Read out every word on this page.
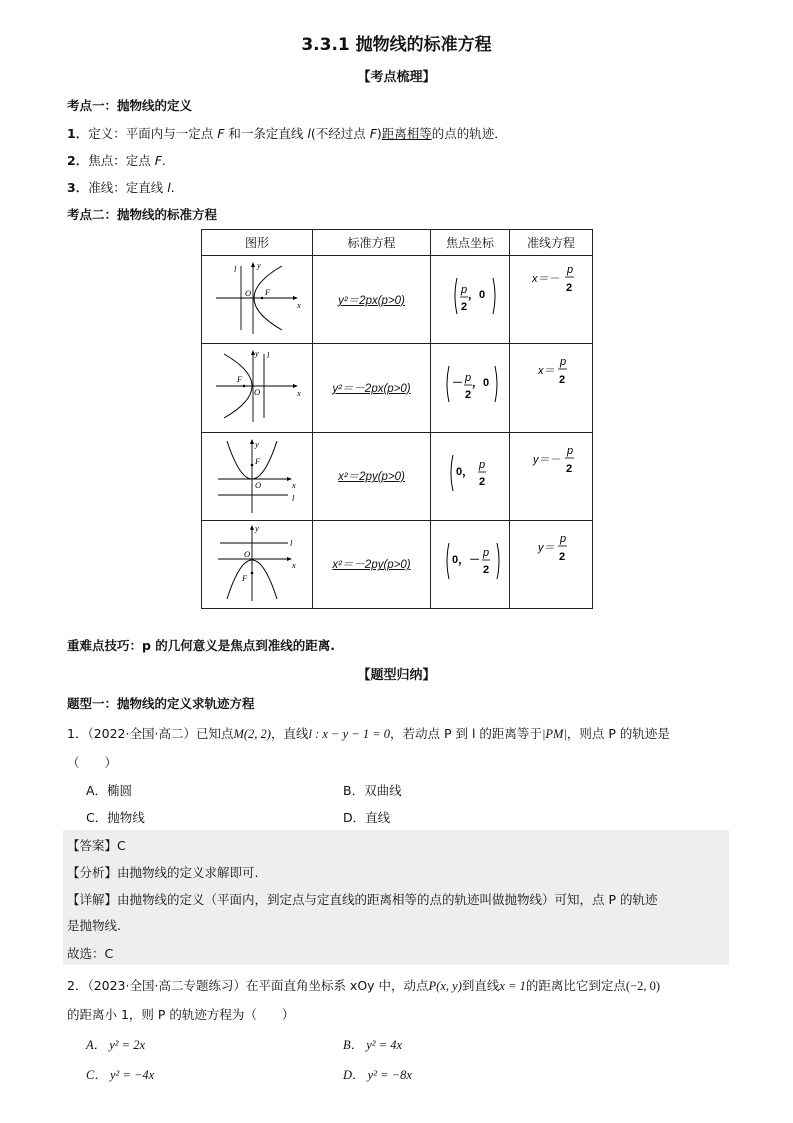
3.3.1 抛物线的标准方程
【考点梳理】
考点一：抛物线的定义
1．定义：平面内与一定点 F 和一条定直线 l(不经过点 F)距离相等的点的轨迹．
2．焦点：定点 F.
3．准线：定直线 l.
考点二：抛物线的标准方程
图形	标准方程	焦点坐标	准线方程

x
y
l
O F	y²＝2px(p>0)	p
2
，0	x＝－
p
2

x
y l
O
F	y²＝－2px(p>0)	－ p
2
，0	x＝
p
2

x
y
l
O
F	x²＝2py(p>0)	0，
p
2	y＝－
p
2

x
y
l
O
F	x²＝－2py(p>0)	0，－
p
2	y＝
p
2
重难点技巧：p 的几何意义是焦点到准线的距离.
【题型归纳】
题型一：抛物线的定义求轨迹方程
1．（2022·全国·高二）已知点M(2, 2)，直线l : x − y − 1 = 0，若动点 P 到 l 的距离等于|PM|，则点 P 的轨迹是
（　　）
A．椭圆	B．双曲线
C．抛物线	D．直线
【答案】C
【分析】由抛物线的定义求解即可.
【详解】由抛物线的定义（平面内，到定点与定直线的距离相等的点的轨迹叫做抛物线）可知，点 P 的轨迹
是抛物线.
故选：C
2．（2023·全国·高二专题练习）在平面直角坐标系 xOy 中，动点P(x, y)到直线x = 1的距离比它到定点(−2, 0)
的距离小 1，则 P 的轨迹方程为（　　）
A． y² = 2x	B． y² = 4x
C． y² = −4x	D． y² = −8x
